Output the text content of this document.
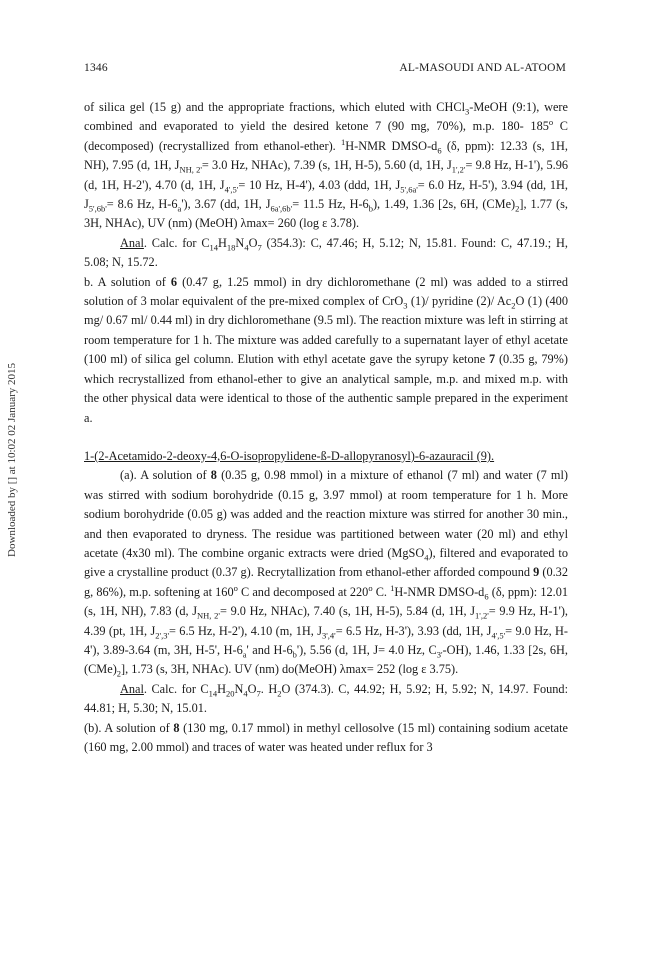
1346	AL-MASOUDI AND AL-ATOOM
Downloaded by [] at 10:02 02 January 2015

of silica gel (15 g) and the appropriate fractions, which eluted with CHCl$_3$-MeOH (9:1), were combined and evaporated to yield the desired ketone 7 (90 mg, 70%), m.p. 180- 185$^o$ C (decomposed) (recrystallized from ethanol-ether). $^1$H-NMR DMSO-$d_6$ (δ, ppm): 12.33 (s, 1H, NH), 7.95 (d, 1H, $J_{NH, 2'}= 3.0$ Hz, NHAc), 7.39 (s, 1H, H-5), 5.60 (d, 1H, $J_{1',2'}= 9.8$ Hz, H-1'), 5.96 (d, 1H, H-2'), 4.70 (d, 1H, $J_{4',5'}= 10$ Hz, H-4'), 4.03 (ddd, 1H, $J_{5',6a'}= 6.0$ Hz, H-5'), 3.94 (dd, 1H, $J_{5',6b'}= 8.6$ Hz, $H-6_a'$), 3.67 (dd, 1H, $J_{6a',6b'}= 11.5$ Hz, $H-6_b$), 1.49, 1.36 [2s, 6H, $(CMe)_2$], 1.77 (s, 3H, NHAc), UV (nm) (MeOH) λmax= 260 (log ε 3.78).

Anal. Calc. for $C_{14}H_{18}N_4O_7$ (354.3): C, 47.46; H, 5.12; N, 15.81. Found: C, 47.19.; H, 5.08; N, 15.72.

b. A solution of 6 (0.47 g, 1.25 mmol) in dry dichloromethane (2 ml) was added to a stirred solution of 3 molar equivalent of the pre-mixed complex of CrO$_3$ (1)/ pyridine (2)/ $Ac_2O$ (1) (400 mg/ 0.67 ml/ 0.44 ml) in dry dichloromethane (9.5 ml). The reaction mixture was left in stirring at room temperature for 1 h. The mixture was added carefully to a supernatant layer of ethyl acetate (100 ml) of silica gel column. Elution with ethyl acetate gave the syrupy ketone 7 (0.35 g, 79%) which recrystallized from ethanol-ether to give an analytical sample, m.p. and mixed m.p. with the other physical data were identical to those of the authentic sample prepared in the experiment a.

1-(2-Acetamido-2-deoxy-4,6-O-isopropylidene-ß-D-allopyranosyl)-6-azauracil (9).

(a). A solution of 8 (0.35 g, 0.98 mmol) in a mixture of ethanol (7 ml) and water (7 ml) was stirred with sodium borohydride (0.15 g, 3.97 mmol) at room temperature for 1 h. More sodium borohydride (0.05 g) was added and the reaction mixture was stirred for another 30 min., and then evaporated to dryness. The residue was partitioned between water (20 ml) and ethyl acetate (4x30 ml). The combine organic extracts were dried (MgSO$_4$), filtered and evaporated to give a crystalline product (0.37 g). Recrytallization from ethanol-ether afforded compound 9 (0.32 g, 86%), m.p. softening at 160$^o$ C and decomposed at 220$^o$ C. $^1$H-NMR DMSO-$d_6$ (δ, ppm): 12.01 (s, 1H, NH), 7.83 (d, $J_{NH, 2'}= 9.0$ Hz, NHAc), 7.40 (s, 1H, H-5), 5.84 (d, 1H, $J_{1',2'}= 9.9$ Hz, H-1'), 4.39 (pt, 1H, $J_{2',3'}= 6.5$ Hz, H-2'), 4.10 (m, 1H, $J_{3',4'}= 6.5$ Hz, H-3'), 3.93 (dd, 1H, $J_{4',5'}= 9.0$ Hz, H-4'), 3.89-3.64 (m, 3H, H-5', $H-6_a'$ and $H-6_b'$), 5.56 (d, 1H, J= 4.0 Hz, $C_{3'}-OH$), 1.46, 1.33 [2s, 6H, $(CMe)_2$], 1.73 (s, 3H, NHAc). UV (nm) do(MeOH) λmax= 252 (log ε 3.75).

Anal. Calc. for $C_{14}H_{20}N_4O_7$. $H_2O$ (374.3). C, 44.92; H, 5.92; H, 5.92; N, 14.97. Found: 44.81; H, 5.30; N, 15.01.

(b). A solution of 8 (130 mg, 0.17 mmol) in methyl cellosolve (15 ml) containing sodium acetate (160 mg, 2.00 mmol) and traces of water was heated under reflux for 3
